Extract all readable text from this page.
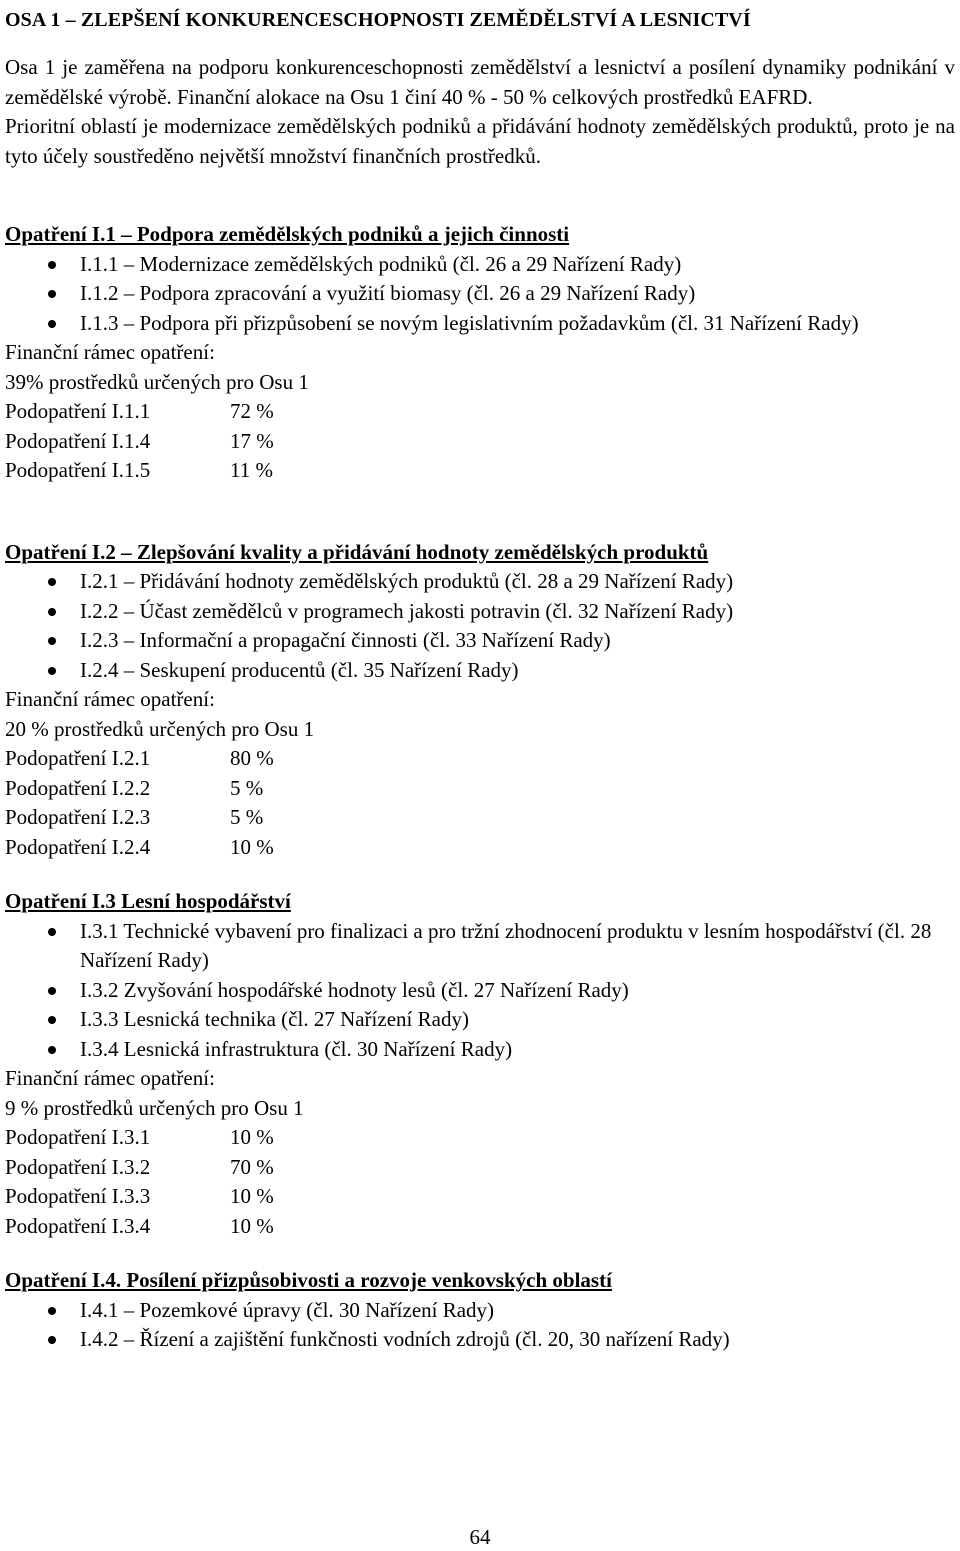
OSA 1 – ZLEPŠENÍ KONKURENCESCHOPNOSTI ZEMĚDĚLSTVÍ A LESNICTVÍ
Osa 1 je zaměřena na podporu konkurenceschopnosti zemědělství a lesnictví a posílení dynamiky podnikání v zemědělské výrobě. Finanční alokace na Osu 1 činí 40 % - 50 % celkových prostředků EAFRD.
Prioritní oblastí je modernizace zemědělských podniků a přidávání hodnoty zemědělských produktů, proto je na tyto účely soustředěno největší množství finančních prostředků.
Opatření I.1 – Podpora zemědělských podniků a jejich činnosti
I.1.1 – Modernizace zemědělských podniků (čl. 26 a 29 Nařízení Rady)
I.1.2 – Podpora zpracování a využití biomasy (čl. 26 a 29 Nařízení Rady)
I.1.3 – Podpora při přizpůsobení se novým legislativním požadavkům (čl. 31 Nařízení Rady)
Finanční rámec opatření:
39% prostředků určených pro Osu 1
Podopatření I.1.1	72 %
Podopatření I.1.4	17 %
Podopatření I.1.5	11 %
Opatření I.2 – Zlepšování kvality a přidávání hodnoty zemědělských produktů
I.2.1 – Přidávání hodnoty zemědělských produktů (čl. 28 a 29 Nařízení Rady)
I.2.2 – Účast zemědělců v programech jakosti potravin (čl. 32 Nařízení Rady)
I.2.3 – Informační a propagační činnosti (čl. 33 Nařízení Rady)
I.2.4 – Seskupení producentů (čl. 35 Nařízení Rady)
Finanční rámec opatření:
20 % prostředků určených pro Osu 1
Podopatření I.2.1	80 %
Podopatření I.2.2	5 %
Podopatření I.2.3	5 %
Podopatření I.2.4	10 %
Opatření I.3 Lesní hospodářství
I.3.1 Technické vybavení pro finalizaci a pro tržní zhodnocení produktu v lesním hospodářství (čl. 28 Nařízení Rady)
I.3.2 Zvyšování hospodářské hodnoty lesů (čl. 27 Nařízení Rady)
I.3.3 Lesnická technika (čl. 27 Nařízení Rady)
I.3.4 Lesnická infrastruktura (čl. 30 Nařízení Rady)
Finanční rámec opatření:
9 % prostředků určených pro Osu 1
Podopatření I.3.1	10 %
Podopatření I.3.2	70 %
Podopatření I.3.3	10 %
Podopatření I.3.4	10 %
Opatření I.4. Posílení přizpůsobivosti a rozvoje venkovských oblastí
I.4.1 – Pozemkové úpravy (čl. 30 Nařízení Rady)
I.4.2 – Řízení a zajištění funkčnosti vodních zdrojů (čl. 20, 30 nařízení Rady)
64
